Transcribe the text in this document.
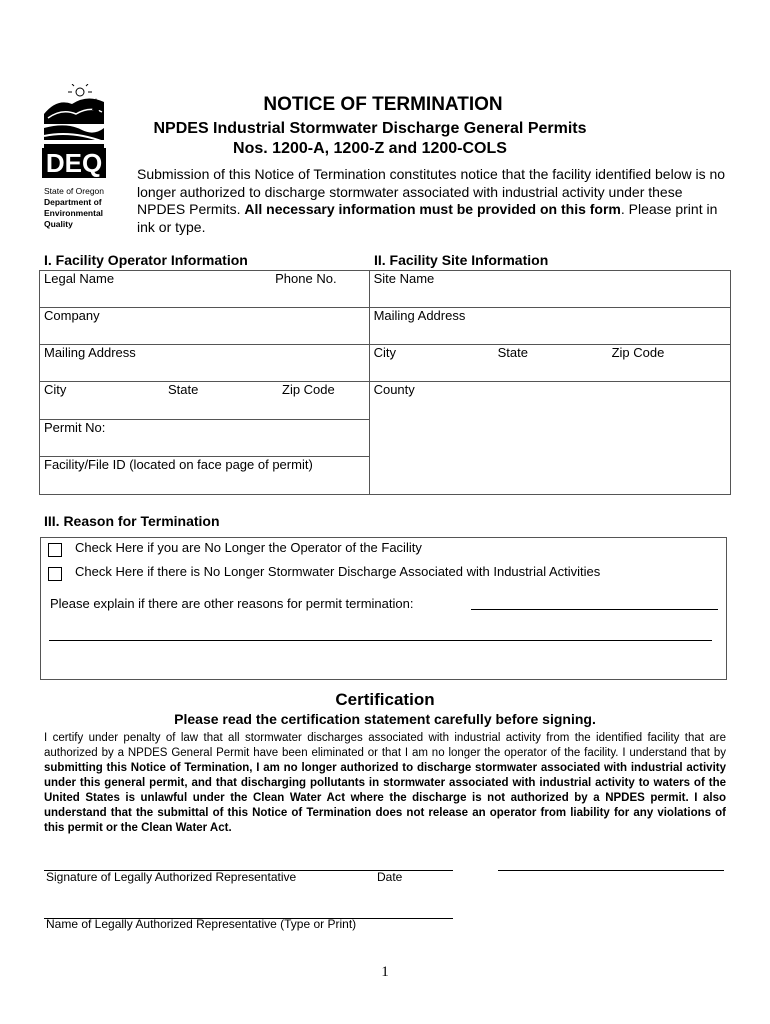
DEQ
State of Oregon
Department of
Environmental
Quality
NOTICE OF TERMINATION
NPDES Industrial Stormwater Discharge General Permits
Nos. 1200-A, 1200-Z and 1200-COLS
Submission of this Notice of Termination constitutes notice that the facility identified below is no longer authorized to discharge stormwater associated with industrial activity under these NPDES Permits. All necessary information must be provided on this form. Please print in ink or type.
I. Facility Operator Information	II. Facility Site Information
Legal Name Phone No.	Site Name
Company	Mailing Address
Mailing Address	City State Zip Code

City State Zip Code	County
Permit No:	
Facility/File ID (located on face page of permit)	
III. Reason for Termination
Check Here if you are No Longer the Operator of the Facility
Check Here if there is No Longer Stormwater Discharge Associated with Industrial Activities
Please explain if there are other reasons for permit termination:
Certification
Please read the certification statement carefully before signing.
I certify under penalty of law that all stormwater discharges associated with industrial activity from the identified facility that are authorized by a NPDES General Permit have been eliminated or that I am no longer the operator of the facility. I understand that by submitting this Notice of Termination, I am no longer authorized to discharge stormwater associated with industrial activity under this general permit, and that discharging pollutants in stormwater associated with industrial activity to waters of the United States is unlawful under the Clean Water Act where the discharge is not authorized by a NPDES permit. I also understand that the submittal of this Notice of Termination does not release an operator from liability for any violations of this permit or the Clean Water Act.
Signature of Legally Authorized Representative	Date
Name of Legally Authorized Representative (Type or Print)
1
